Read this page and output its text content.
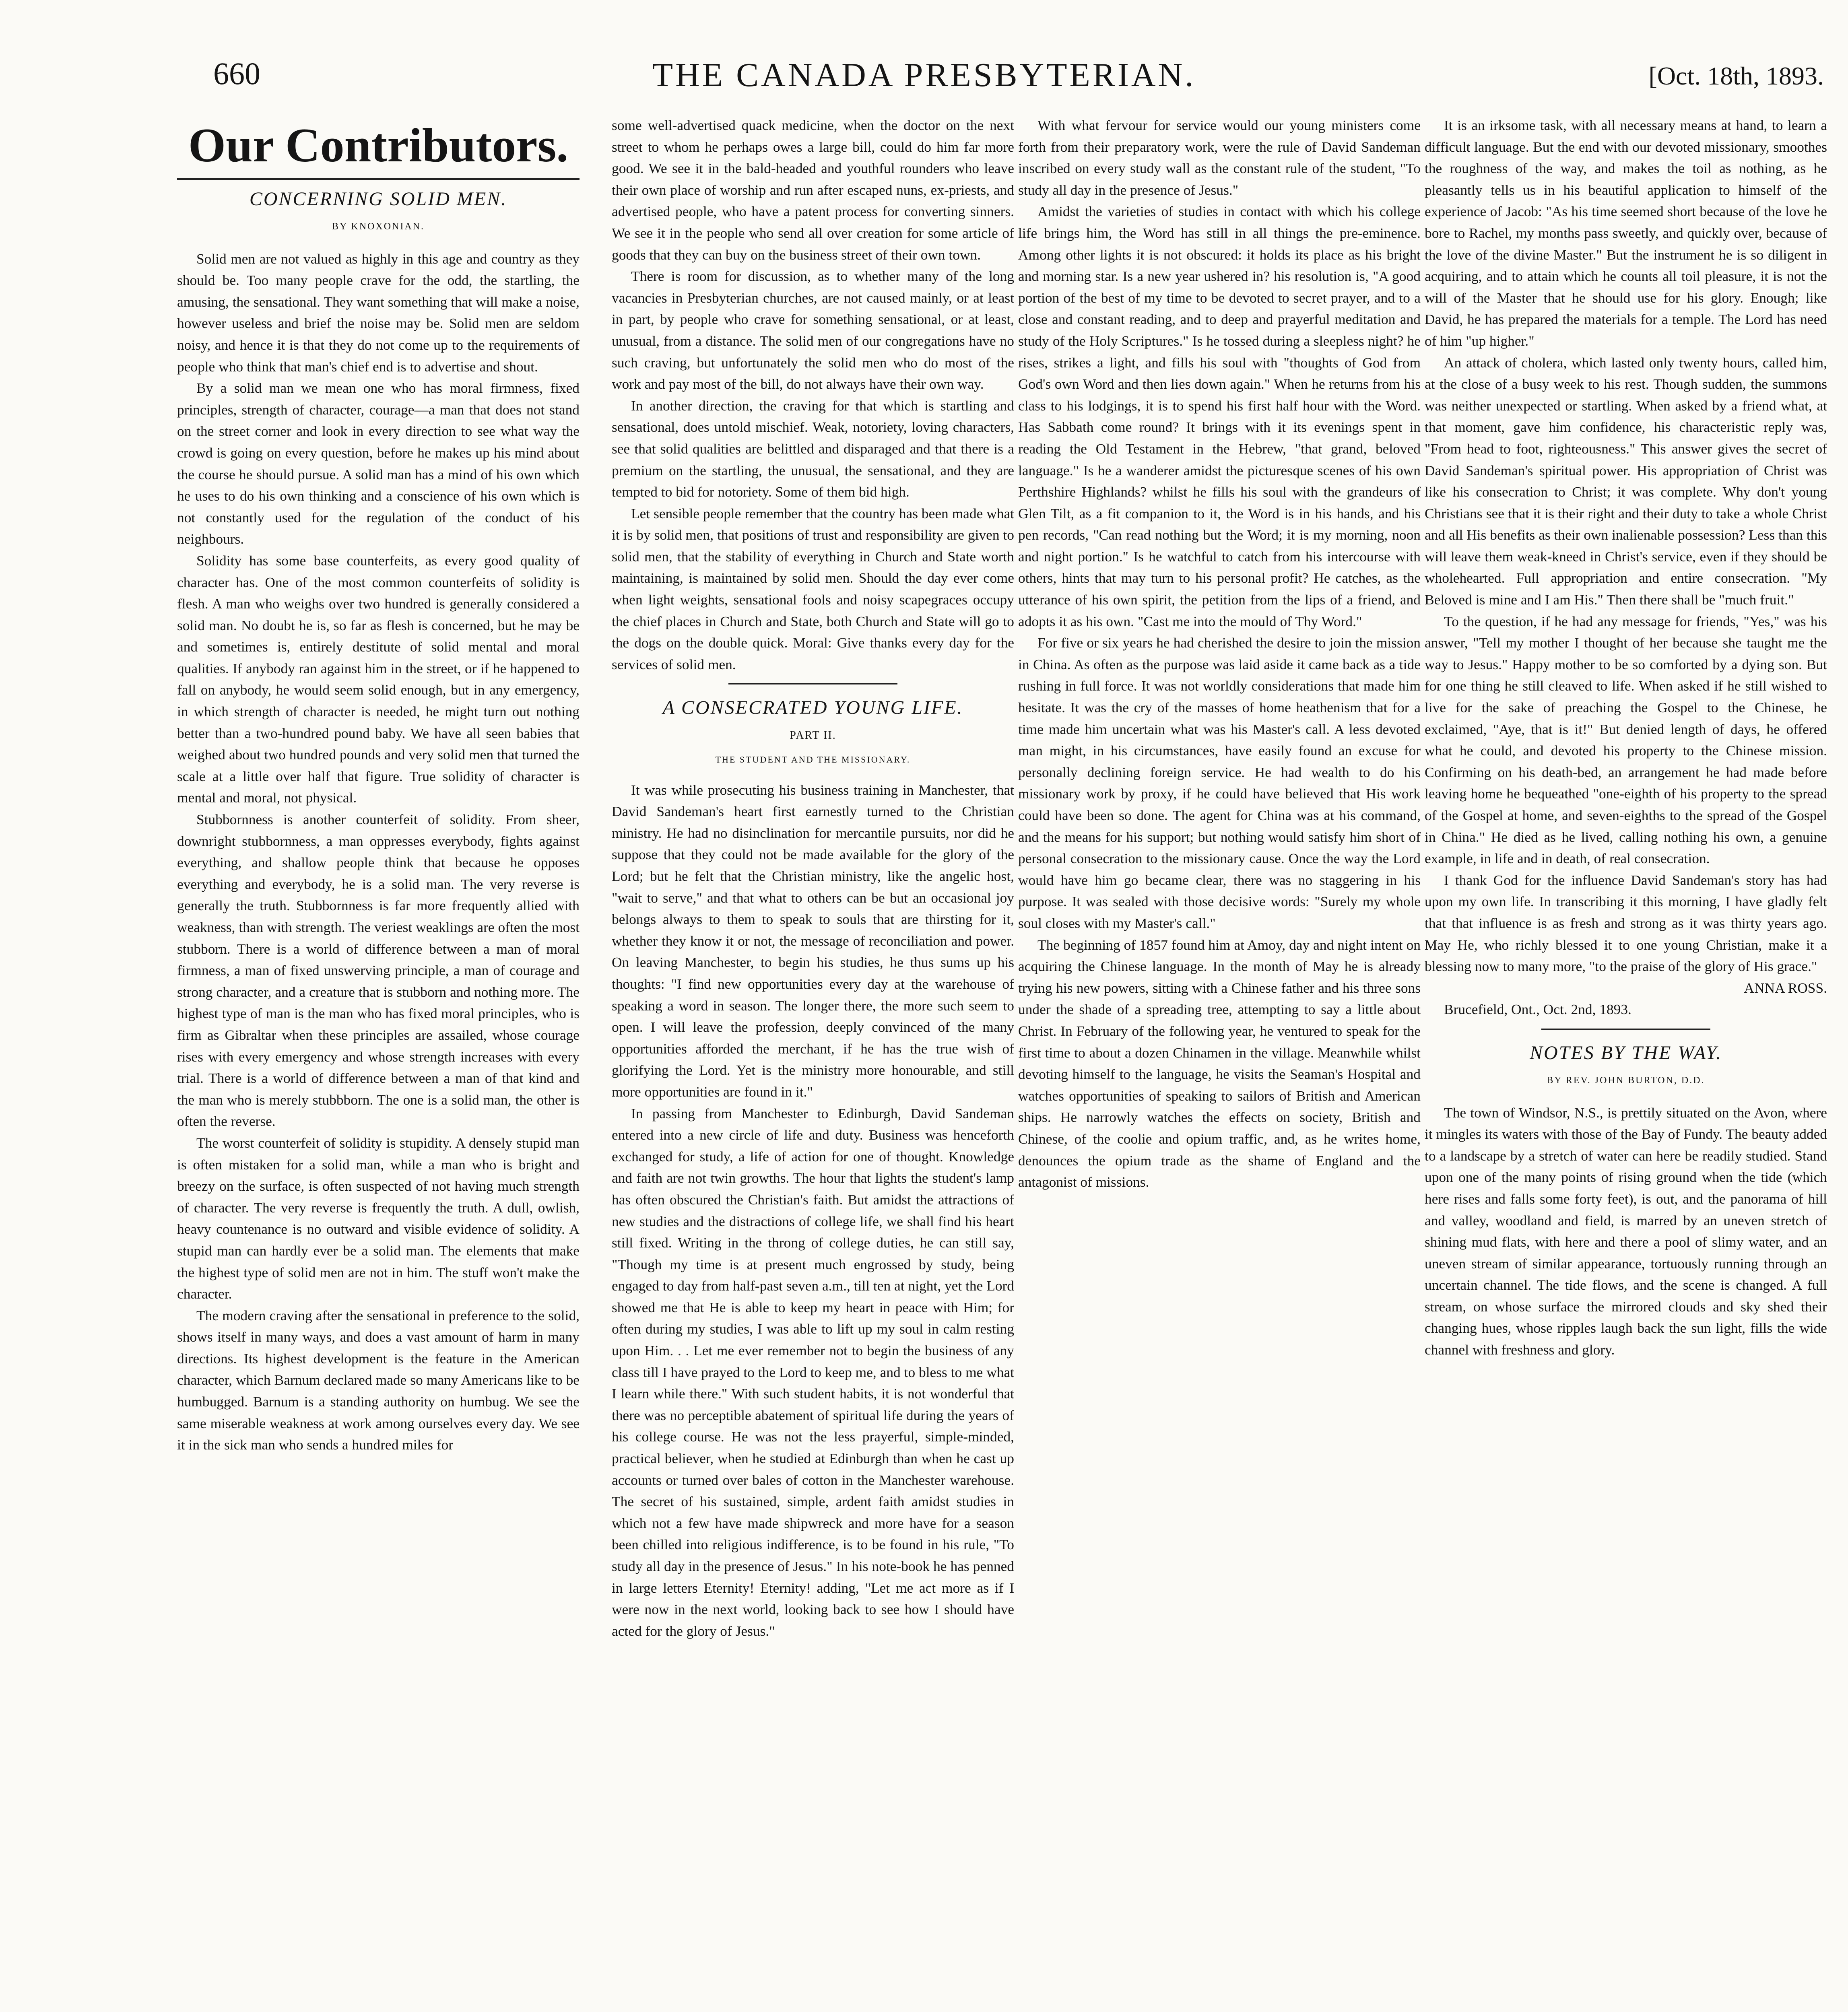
660	THE CANADA PRESBYTERIAN.	[Oct. 18th, 1893.
Our Contributors.
CONCERNING SOLID MEN.
BY KNOXONIAN.

Solid men are not valued as highly in this age and country as they should be. Too many people crave for the odd, the startling, the amusing, the sensational. They want something that will make a noise, however useless and brief the noise may be. Solid men are seldom noisy, and hence it is that they do not come up to the requirements of people who think that man's chief end is to advertise and shout.

By a solid man we mean one who has moral firmness, fixed principles, strength of character, courage—a man that does not stand on the street corner and look in every direction to see what way the crowd is going on every question, before he makes up his mind about the course he should pursue. A solid man has a mind of his own which he uses to do his own thinking and a conscience of his own which is not constantly used for the regulation of the conduct of his neighbours.

Solidity has some base counterfeits, as every good quality of character has. One of the most common counterfeits of solidity is flesh. A man who weighs over two hundred is generally considered a solid man. No doubt he is, so far as flesh is concerned, but he may be and sometimes is, entirely destitute of solid mental and moral qualities. If anybody ran against him in the street, or if he happened to fall on anybody, he would seem solid enough, but in any emergency, in which strength of character is needed, he might turn out nothing better than a two-hundred pound baby. We have all seen babies that weighed about two hundred pounds and very solid men that turned the scale at a little over half that figure. True solidity of character is mental and moral, not physical.

Stubbornness is another counterfeit of solidity. From sheer, downright stubbornness, a man oppresses everybody, fights against everything, and shallow people think that because he opposes everything and everybody, he is a solid man. The very reverse is generally the truth. Stubbornness is far more frequently allied with weakness, than with strength. The veriest weaklings are often the most stubborn. There is a world of difference between a man of moral firmness, a man of fixed unswerving principle, a man of courage and strong character, and a creature that is stubborn and nothing more. The highest type of man is the man who has fixed moral principles, who is firm as Gibraltar when these principles are assailed, whose courage rises with every emergency and whose strength increases with every trial. There is a world of difference between a man of that kind and the man who is merely stubbborn. The one is a solid man, the other is often the reverse.

The worst counterfeit of solidity is stupidity. A densely stupid man is often mistaken for a solid man, while a man who is bright and breezy on the surface, is often suspected of not having much strength of character. The very reverse is frequently the truth. A dull, owlish, heavy countenance is no outward and visible evidence of solidity. A stupid man can hardly ever be a solid man. The elements that make the highest type of solid men are not in him. The stuff won't make the character.

The modern craving after the sensational in preference to the solid, shows itself in many ways, and does a vast amount of harm in many directions. Its highest development is the feature in the American character, which Barnum declared made so many Americans like to be humbugged. Barnum is a standing authority on humbug. We see the same miserable weakness at work among ourselves every day. We see it in the sick man who sends a hundred miles for

some well-advertised quack medicine, when the doctor on the next street to whom he perhaps owes a large bill, could do him far more good. We see it in the bald-headed and youthful rounders who leave their own place of worship and run after escaped nuns, ex-priests, and advertised people, who have a patent process for converting sinners. We see it in the people who send all over creation for some article of goods that they can buy on the business street of their own town.

There is room for discussion, as to whether many of the long vacancies in Presbyterian churches, are not caused mainly, or at least in part, by people who crave for something sensational, or at least, unusual, from a distance. The solid men of our congregations have no such craving, but unfortunately the solid men who do most of the work and pay most of the bill, do not always have their own way.

In another direction, the craving for that which is startling and sensational, does untold mischief. Weak, notoriety, loving characters, see that solid qualities are belittled and disparaged and that there is a premium on the startling, the unusual, the sensational, and they are tempted to bid for notoriety. Some of them bid high.

Let sensible people remember that the country has been made what it is by solid men, that positions of trust and responsibility are given to solid men, that the stability of everything in Church and State worth maintaining, is maintained by solid men. Should the day ever come when light weights, sensational fools and noisy scapegraces occupy the chief places in Church and State, both Church and State will go to the dogs on the double quick. Moral: Give thanks every day for the services of solid men.

A CONSECRATED YOUNG LIFE.
PART II.
THE STUDENT AND THE MISSIONARY.

It was while prosecuting his business training in Manchester, that David Sandeman's heart first earnestly turned to the Christian ministry. He had no disinclination for mercantile pursuits, nor did he suppose that they could not be made available for the glory of the Lord; but he felt that the Christian ministry, like the angelic host, "wait to serve," and that what to others can be but an occasional joy belongs always to them to speak to souls that are thirsting for it, whether they know it or not, the message of reconciliation and power. On leaving Manchester, to begin his studies, he thus sums up his thoughts: "I find new opportunities every day at the warehouse of speaking a word in season. The longer there, the more such seem to open. I will leave the profession, deeply convinced of the many opportunities afforded the merchant, if he has the true wish of glorifying the Lord. Yet is the ministry more honourable, and still more opportunities are found in it."

In passing from Manchester to Edinburgh, David Sandeman entered into a new circle of life and duty. Business was henceforth exchanged for study, a life of action for one of thought. Knowledge and faith are not twin growths. The hour that lights the student's lamp has often obscured the Christian's faith. But amidst the attractions of new studies and the distractions of college life, we shall find his heart still fixed. Writing in the throng of college duties, he can still say, "Though my time is at present much engrossed by study, being engaged to day from half-past seven a.m., till ten at night, yet the Lord showed me that He is able to keep my heart in peace with Him; for often during my studies, I was able to lift up my soul in calm resting upon Him. . . Let me ever remember not to begin the business of any class till I have prayed to the Lord to keep me, and to bless to me what I learn while there." With such student habits, it is not wonderful that there was no perceptible abatement of spiritual life during the years of his college course. He was not the less prayerful, simple-minded, practical believer, when he studied at Edinburgh than when he cast up accounts or turned over bales of cotton in the Manchester warehouse. The secret of his sustained, simple, ardent faith amidst studies in which not a few have made shipwreck and more have for a season been chilled into religious indifference, is to be found in his rule, "To study all day in the presence of Jesus." In his note-book he has penned in large letters Eternity! Eternity! adding, "Let me act more as if I were now in the next world, looking back to see how I should have acted for the glory of Jesus."

With what fervour for service would our young ministers come forth from their preparatory work, were the rule of David Sandeman inscribed on every study wall as the constant rule of the student, "To study all day in the presence of Jesus."

Amidst the varieties of studies in contact with which his college life brings him, the Word has still in all things the pre-eminence. Among other lights it is not obscured: it holds its place as his bright and morning star. Is a new year ushered in? his resolution is, "A good portion of the best of my time to be devoted to secret prayer, and to a close and constant reading, and to deep and prayerful meditation and study of the Holy Scriptures." Is he tossed during a sleepless night? he rises, strikes a light, and fills his soul with "thoughts of God from God's own Word and then lies down again." When he returns from his class to his lodgings, it is to spend his first half hour with the Word. Has Sabbath come round? It brings with it its evenings spent in reading the Old Testament in the Hebrew, "that grand, beloved language." Is he a wanderer amidst the picturesque scenes of his own Perthshire Highlands? whilst he fills his soul with the grandeurs of Glen Tilt, as a fit companion to it, the Word is in his hands, and his pen records, "Can read nothing but the Word; it is my morning, noon and night portion." Is he watchful to catch from his intercourse with others, hints that may turn to his personal profit? He catches, as the utterance of his own spirit, the petition from the lips of a friend, and adopts it as his own. "Cast me into the mould of Thy Word."

For five or six years he had cherished the desire to join the mission in China. As often as the purpose was laid aside it came back as a tide rushing in full force. It was not worldly considerations that made him hesitate. It was the cry of the masses of home heathenism that for a time made him uncertain what was his Master's call. A less devoted man might, in his circumstances, have easily found an excuse for personally declining foreign service. He had wealth to do his missionary work by proxy, if he could have believed that His work could have been so done. The agent for China was at his command, and the means for his support; but nothing would satisfy him short of personal consecration to the missionary cause. Once the way the Lord would have him go became clear, there was no staggering in his purpose. It was sealed with those decisive words: "Surely my whole soul closes with my Master's call."

The beginning of 1857 found him at Amoy, day and night intent on acquiring the Chinese language. In the month of May he is already trying his new powers, sitting with a Chinese father and his three sons under the shade of a spreading tree, attempting to say a little about Christ. In February of the following year, he ventured to speak for the first time to about a dozen Chinamen in the village. Meanwhile whilst devoting himself to the language, he visits the Seaman's Hospital and watches opportunities of speaking to sailors of British and American ships. He narrowly watches the effects on society, British and Chinese, of the coolie and opium traffic, and, as he writes home, denounces the opium trade as the shame of England and the antagonist of missions.

It is an irksome task, with all necessary means at hand, to learn a difficult language. But the end with our devoted missionary, smoothes the roughness of the way, and makes the toil as nothing, as he pleasantly tells us in his beautiful application to himself of the experience of Jacob: "As his time seemed short because of the love he bore to Rachel, my months pass sweetly, and quickly over, because of the love of the divine Master." But the instrument he is so diligent in acquiring, and to attain which he counts all toil pleasure, it is not the will of the Master that he should use for his glory. Enough; like David, he has prepared the materials for a temple. The Lord has need of him "up higher."

An attack of cholera, which lasted only twenty hours, called him, at the close of a busy week to his rest. Though sudden, the summons was neither unexpected or startling. When asked by a friend what, at that moment, gave him confidence, his characteristic reply was, "From head to foot, righteousness." This answer gives the secret of David Sandeman's spiritual power. His appropriation of Christ was like his consecration to Christ; it was complete. Why don't young Christians see that it is their right and their duty to take a whole Christ and all His benefits as their own inalienable possession? Less than this will leave them weak-kneed in Christ's service, even if they should be wholehearted. Full appropriation and entire consecration. "My Beloved is mine and I am His." Then there shall be "much fruit."

To the question, if he had any message for friends, "Yes," was his answer, "Tell my mother I thought of her because she taught me the way to Jesus." Happy mother to be so comforted by a dying son. But for one thing he still cleaved to life. When asked if he still wished to live for the sake of preaching the Gospel to the Chinese, he exclaimed, "Aye, that is it!" But denied length of days, he offered what he could, and devoted his property to the Chinese mission. Confirming on his death-bed, an arrangement he had made before leaving home he bequeathed "one-eighth of his property to the spread of the Gospel at home, and seven-eighths to the spread of the Gospel in China." He died as he lived, calling nothing his own, a genuine example, in life and in death, of real consecration.

I thank God for the influence David Sandeman's story has had upon my own life. In transcribing it this morning, I have gladly felt that that influence is as fresh and strong as it was thirty years ago. May He, who richly blessed it to one young Christian, make it a blessing now to many more, "to the praise of the glory of His grace."

ANNA ROSS.

Brucefield, Ont., Oct. 2nd, 1893.

NOTES BY THE WAY.
BY REV. JOHN BURTON, D.D.

The town of Windsor, N.S., is prettily situated on the Avon, where it mingles its waters with those of the Bay of Fundy. The beauty added to a landscape by a stretch of water can here be readily studied. Stand upon one of the many points of rising ground when the tide (which here rises and falls some forty feet), is out, and the panorama of hill and valley, woodland and field, is marred by an uneven stretch of shining mud flats, with here and there a pool of slimy water, and an uneven stream of similar appearance, tortuously running through an uncertain channel. The tide flows, and the scene is changed. A full stream, on whose surface the mirrored clouds and sky shed their changing hues, whose ripples laugh back the sun light, fills the wide channel with freshness and glory.
